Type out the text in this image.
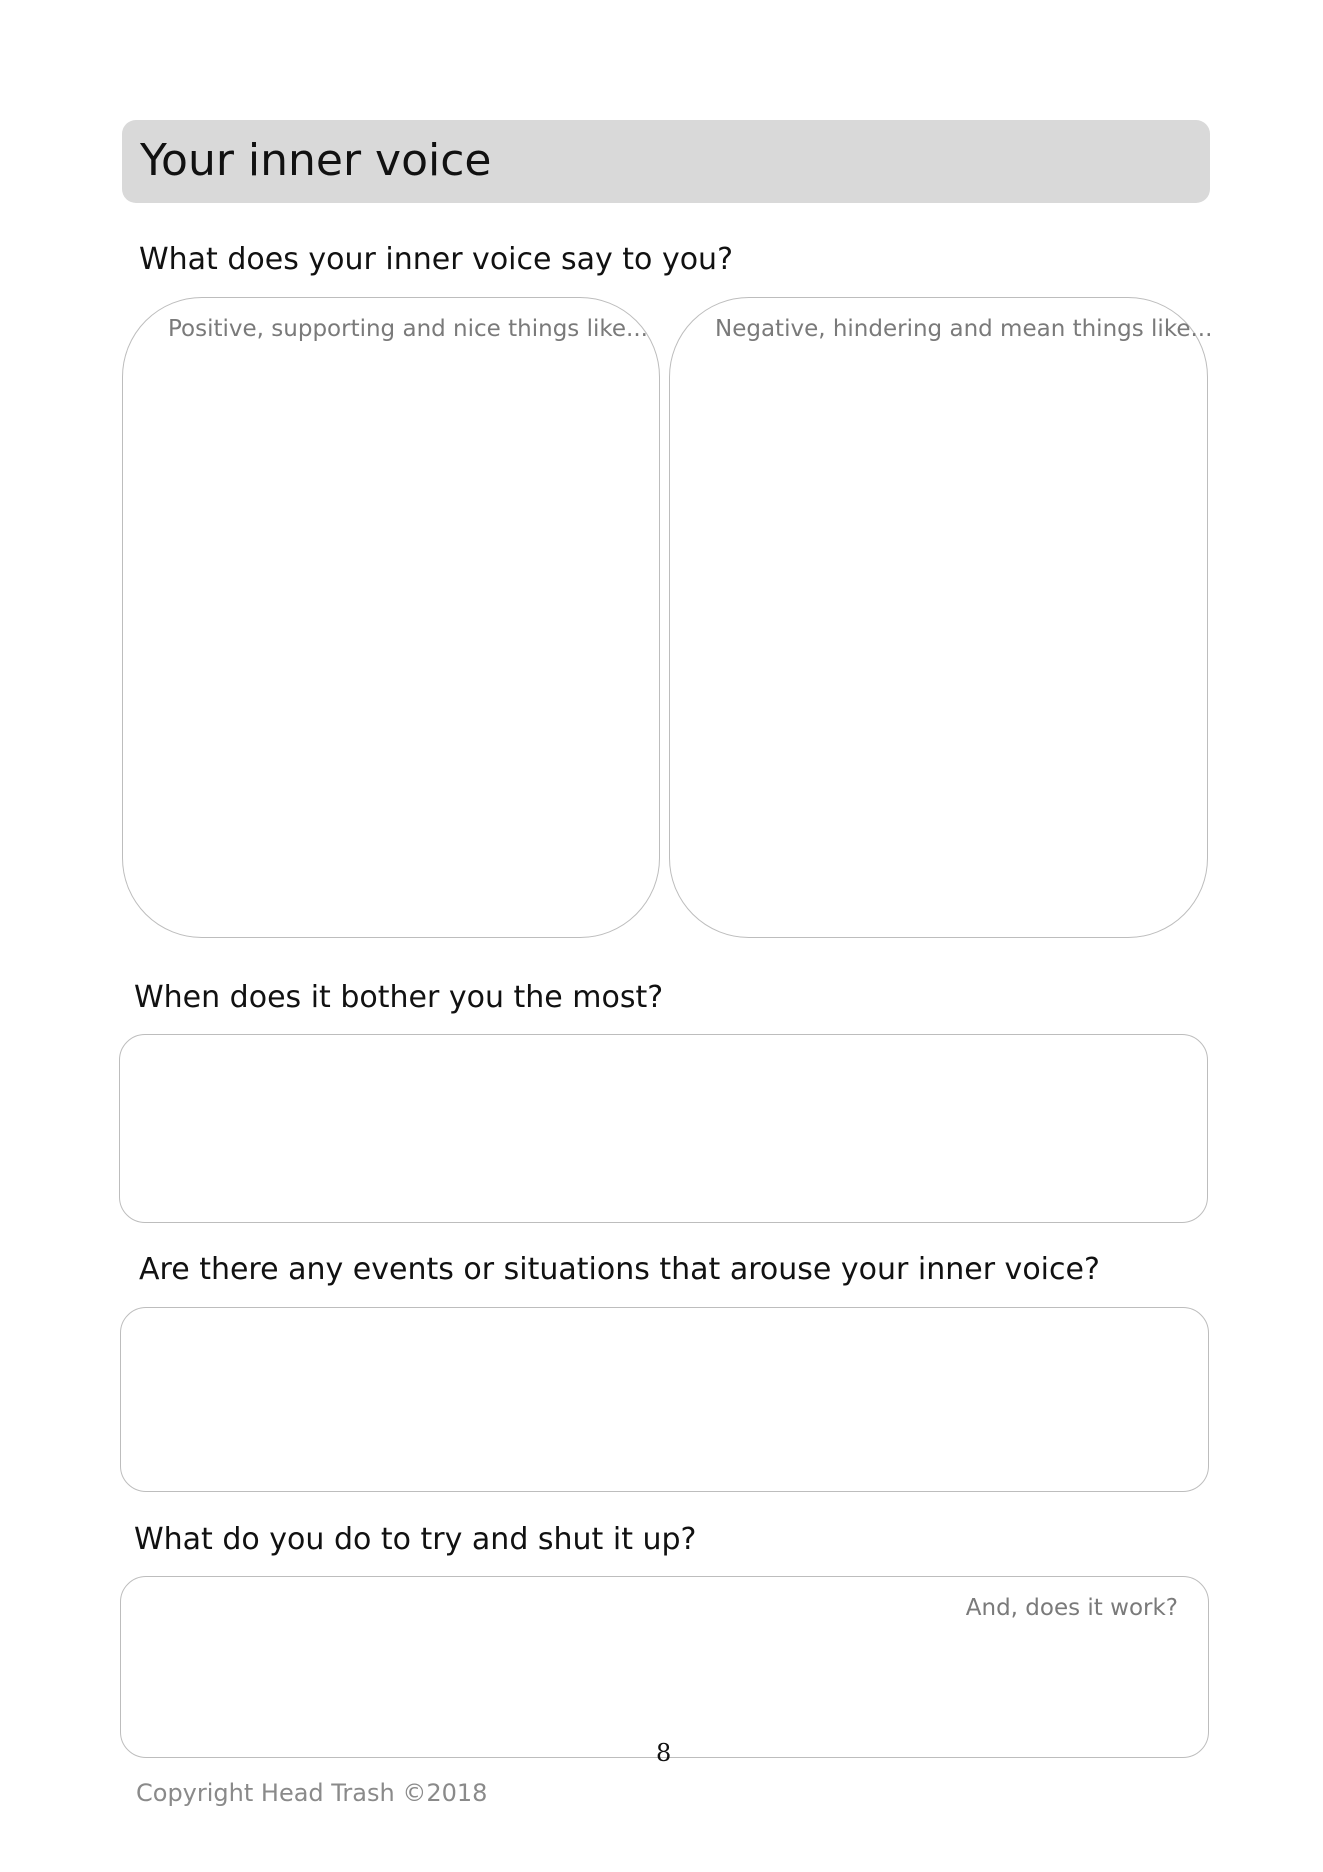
Your inner voice
What does your inner voice say to you?
Positive, supporting and nice things like...	Negative, hindering and mean things like...
When does it bother you the most?
Are there any events or situations that arouse your inner voice?
What do you do to try and shut it up?
And, does it work?
8
Copyright Head Trash ©2018
